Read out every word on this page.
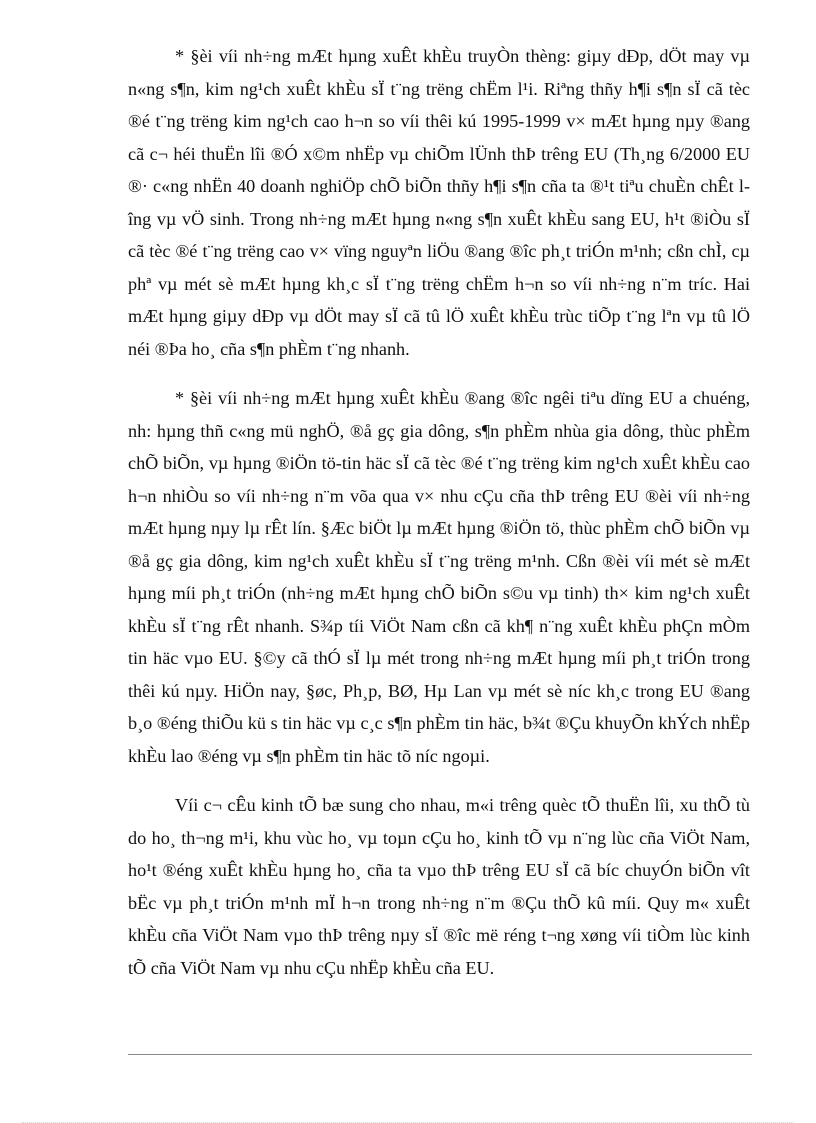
* §èi víi nh÷ng mÆt hµng xuÊt khÈu truyÒn thèng: giµy dÐp, dÖt may vµ n«ng s¶n, kim ng¹ch xuÊt khÈu sÏ t¨ng trëng chËm l¹i. Riªng thñy h¶i s¶n sÏ cã tèc ®é t¨ng trëng kim ng¹ch cao h¬n so víi thêi kú 1995-1999 v× mÆt hµng nµy ®ang cã c¬ héi thuËn lîi ®Ó x©m nhËp vµ chiÕm lÜnh thÞ trêng EU (Th¸ng 6/2000 EU ®· c«ng nhËn 40 doanh nghiÖp chÕ biÕn thñy h¶i s¶n cña ta ®¹t tiªu chuÈn chÊt lîng vµ vÖ sinh. Trong nh÷ng mÆt hµng n«ng s¶n xuÊt khÈu sang EU, h¹t ®iÒu sÏ cã tèc ®é t¨ng trëng cao v× vïng nguyªn liÖu ®ang ®îc ph¸t triÓn m¹nh; cßn chÌ, cµ phª vµ mét sè mÆt hµng kh¸c sÏ t¨ng trëng chËm h¬n so víi nh÷ng n¨m tríc. Hai mÆt hµng giµy dÐp vµ dÖt may sÏ cã tû lÖ xuÊt khÈu trùc tiÕp t¨ng lªn vµ tû lÖ néi ®Þa ho¸ cña s¶n phÈm t¨ng nhanh.

* §èi víi nh÷ng mÆt hµng xuÊt khÈu ®ang ®îc ngêi tiªu dïng EU a chuéng, nh: hµng thñ c«ng mü nghÖ, ®å gç gia dông, s¶n phÈm nhùa gia dông, thùc phÈm chÕ biÕn, vµ hµng ®iÖn tö-tin häc sÏ cã tèc ®é t¨ng trëng kim ng¹ch xuÊt khÈu cao h¬n nhiÒu so víi nh÷ng n¨m võa qua v× nhu cÇu cña thÞ trêng EU ®èi víi nh÷ng mÆt hµng nµy lµ rÊt lín. §Æc biÖt lµ mÆt hµng ®iÖn tö, thùc phÈm chÕ biÕn vµ ®å gç gia dông, kim ng¹ch xuÊt khÈu sÏ t¨ng trëng m¹nh. Cßn ®èi víi mét sè mÆt hµng míi ph¸t triÓn (nh÷ng mÆt hµng chÕ biÕn s©u vµ tinh) th× kim ng¹ch xuÊt khÈu sÏ t¨ng rÊt nhanh. S¾p tíi ViÖt Nam cßn cã kh¶ n¨ng xuÊt khÈu phÇn mÒm tin häc vµo EU. §©y cã thÓ sÏ lµ mét trong nh÷ng mÆt hµng míi ph¸t triÓn trong thêi kú nµy. HiÖn nay, §øc, Ph¸p, BØ, Hµ Lan vµ mét sè níc kh¸c trong EU ®ang b¸o ®éng thiÕu kü s tin häc vµ c¸c s¶n phÈm tin häc, b¾t ®Çu khuyÕn khÝch nhËp khÈu lao ®éng vµ s¶n phÈm tin häc tõ níc ngoµi.

Víi c¬ cÊu kinh tÕ bæ sung cho nhau, m«i trêng quèc tÕ thuËn lîi, xu thÕ tù do ho¸ th¬ng m¹i, khu vùc ho¸ vµ toµn cÇu ho¸ kinh tÕ vµ n¨ng lùc cña ViÖt Nam, ho¹t ®éng xuÊt khÈu hµng ho¸ cña ta vµo thÞ trêng EU sÏ cã bíc chuyÓn biÕn vît bËc vµ ph¸t triÓn m¹nh mÏ h¬n trong nh÷ng n¨m ®Çu thÕ kû míi. Quy m« xuÊt khÈu cña ViÖt Nam vµo thÞ trêng nµy sÏ ®îc më réng t¬ng xøng víi tiÒm lùc kinh tÕ cña ViÖt Nam vµ nhu cÇu nhËp khÈu cña EU.
